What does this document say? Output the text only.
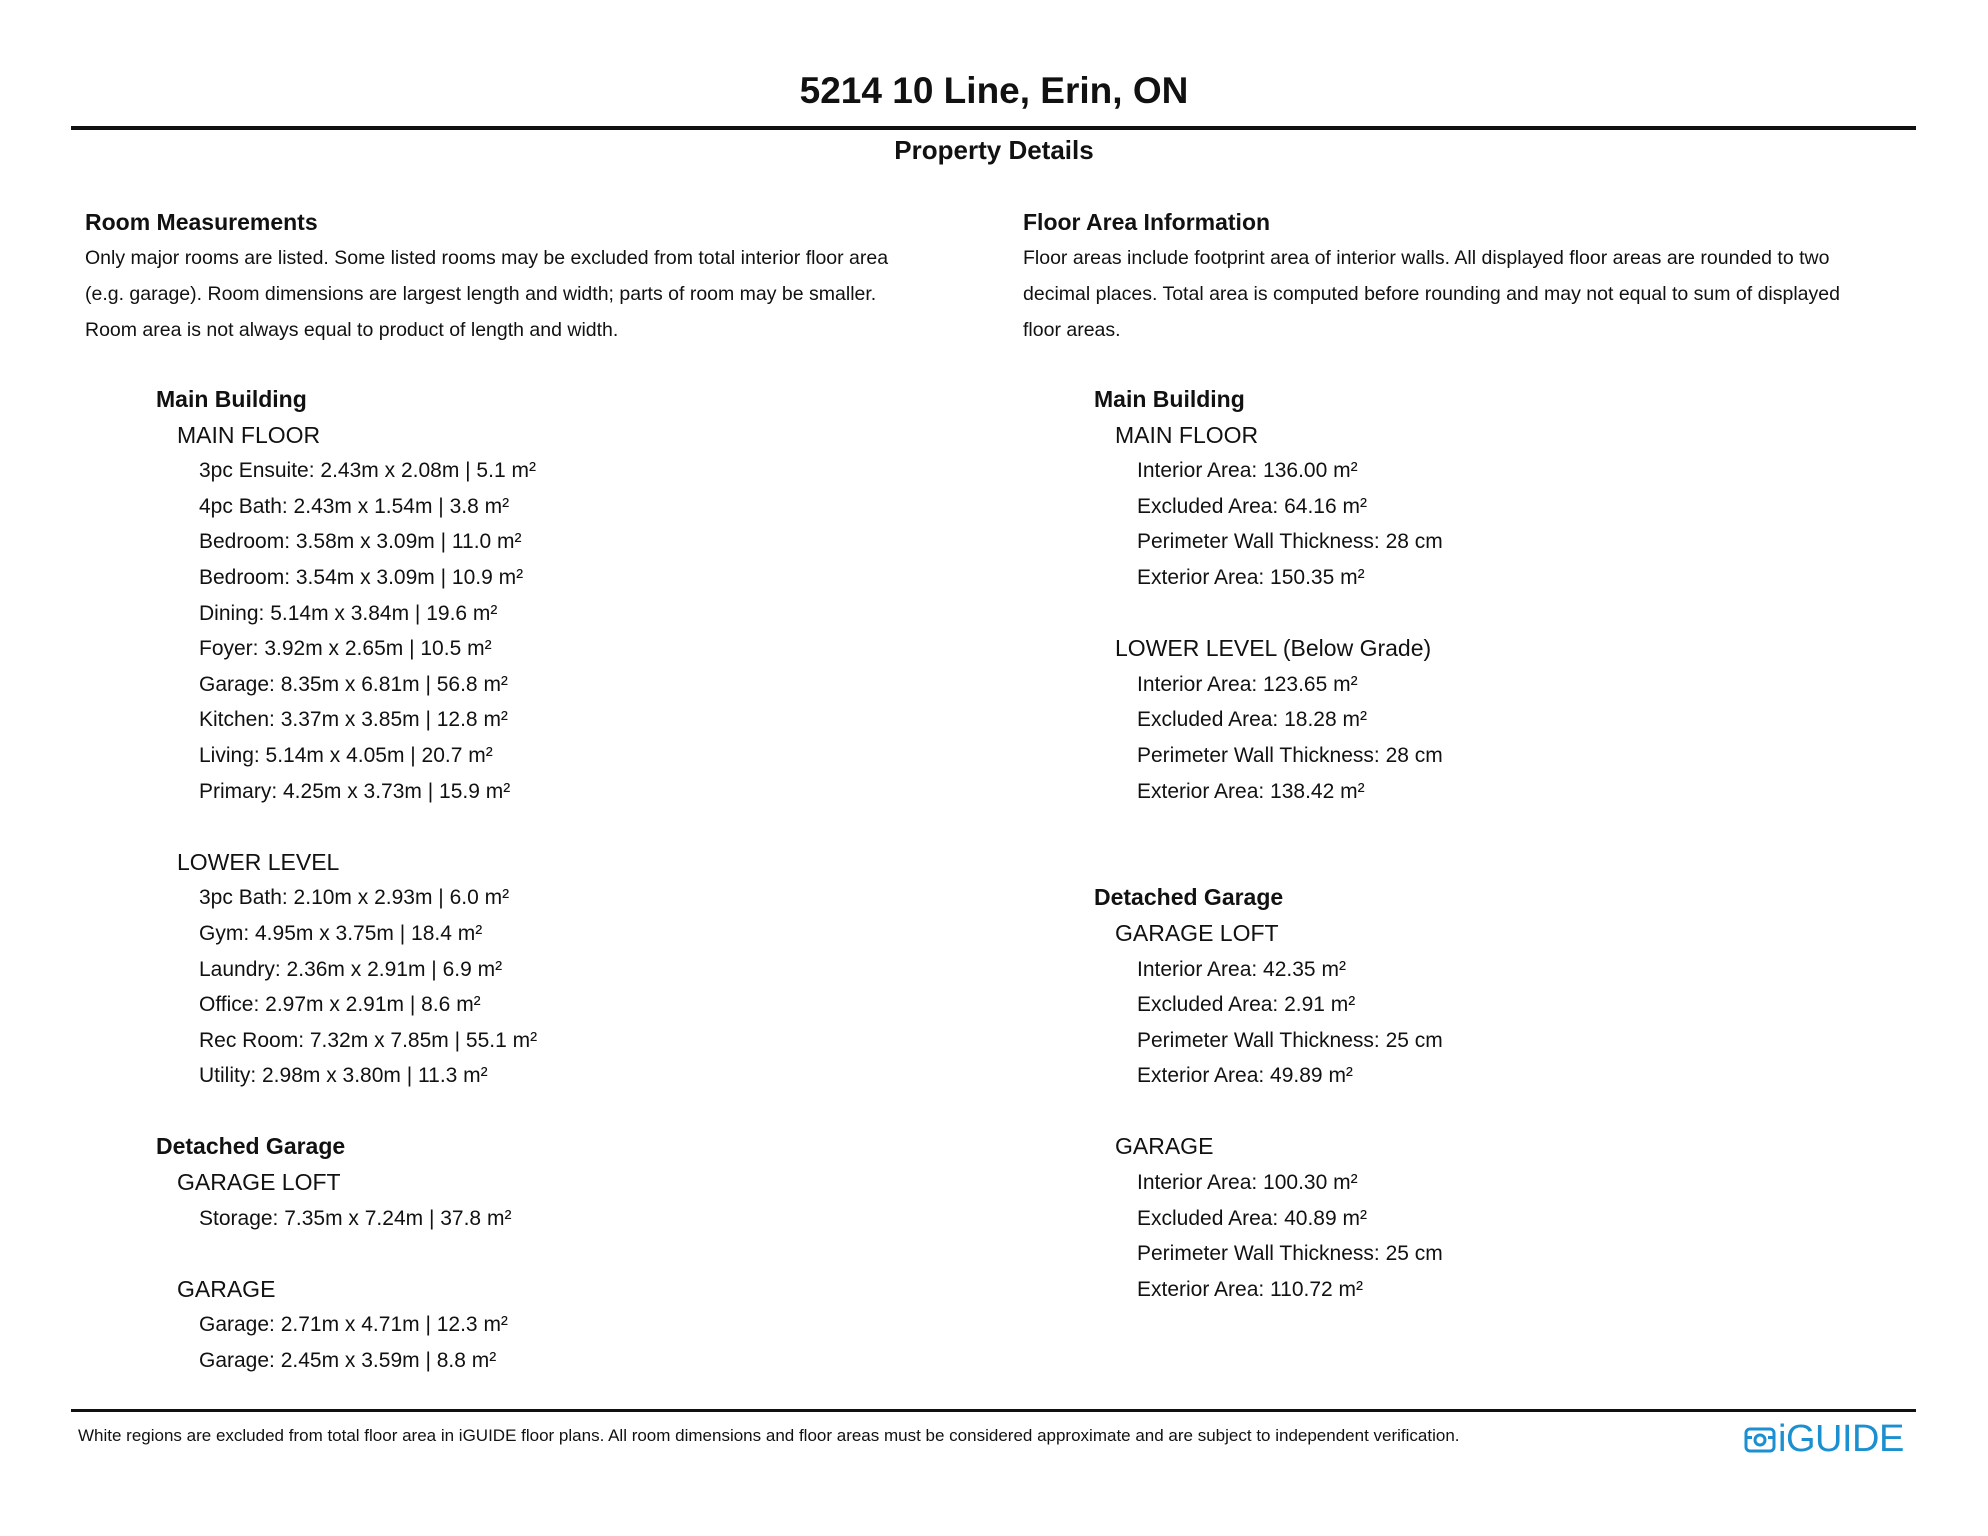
5214 10 Line, Erin, ON
Property Details
Room Measurements
Only major rooms are listed. Some listed rooms may be excluded from total interior floor area
(e.g. garage). Room dimensions are largest length and width; parts of room may be smaller.
Room area is not always equal to product of length and width.
Main Building
MAIN FLOOR
3pc Ensuite: 2.43m x 2.08m | 5.1 m²
4pc Bath: 2.43m x 1.54m | 3.8 m²
Bedroom: 3.58m x 3.09m | 11.0 m²
Bedroom: 3.54m x 3.09m | 10.9 m²
Dining: 5.14m x 3.84m | 19.6 m²
Foyer: 3.92m x 2.65m | 10.5 m²
Garage: 8.35m x 6.81m | 56.8 m²
Kitchen: 3.37m x 3.85m | 12.8 m²
Living: 5.14m x 4.05m | 20.7 m²
Primary: 4.25m x 3.73m | 15.9 m²
LOWER LEVEL
3pc Bath: 2.10m x 2.93m | 6.0 m²
Gym: 4.95m x 3.75m | 18.4 m²
Laundry: 2.36m x 2.91m | 6.9 m²
Office: 2.97m x 2.91m | 8.6 m²
Rec Room: 7.32m x 7.85m | 55.1 m²
Utility: 2.98m x 3.80m | 11.3 m²
Detached Garage
GARAGE LOFT
Storage: 7.35m x 7.24m | 37.8 m²
GARAGE
Garage: 2.71m x 4.71m | 12.3 m²
Garage: 2.45m x 3.59m | 8.8 m²
Floor Area Information
Floor areas include footprint area of interior walls. All displayed floor areas are rounded to two
decimal places. Total area is computed before rounding and may not equal to sum of displayed
floor areas.
Main Building
MAIN FLOOR
Interior Area: 136.00 m²
Excluded Area: 64.16 m²
Perimeter Wall Thickness: 28 cm
Exterior Area: 150.35 m²
LOWER LEVEL (Below Grade)
Interior Area: 123.65 m²
Excluded Area: 18.28 m²
Perimeter Wall Thickness: 28 cm
Exterior Area: 138.42 m²
Detached Garage
GARAGE LOFT
Interior Area: 42.35 m²
Excluded Area: 2.91 m²
Perimeter Wall Thickness: 25 cm
Exterior Area: 49.89 m²
GARAGE
Interior Area: 100.30 m²
Excluded Area: 40.89 m²
Perimeter Wall Thickness: 25 cm
Exterior Area: 110.72 m²
White regions are excluded from total floor area in iGUIDE floor plans. All room dimensions and floor areas must be considered approximate and are subject to independent verification.	iGUIDE
